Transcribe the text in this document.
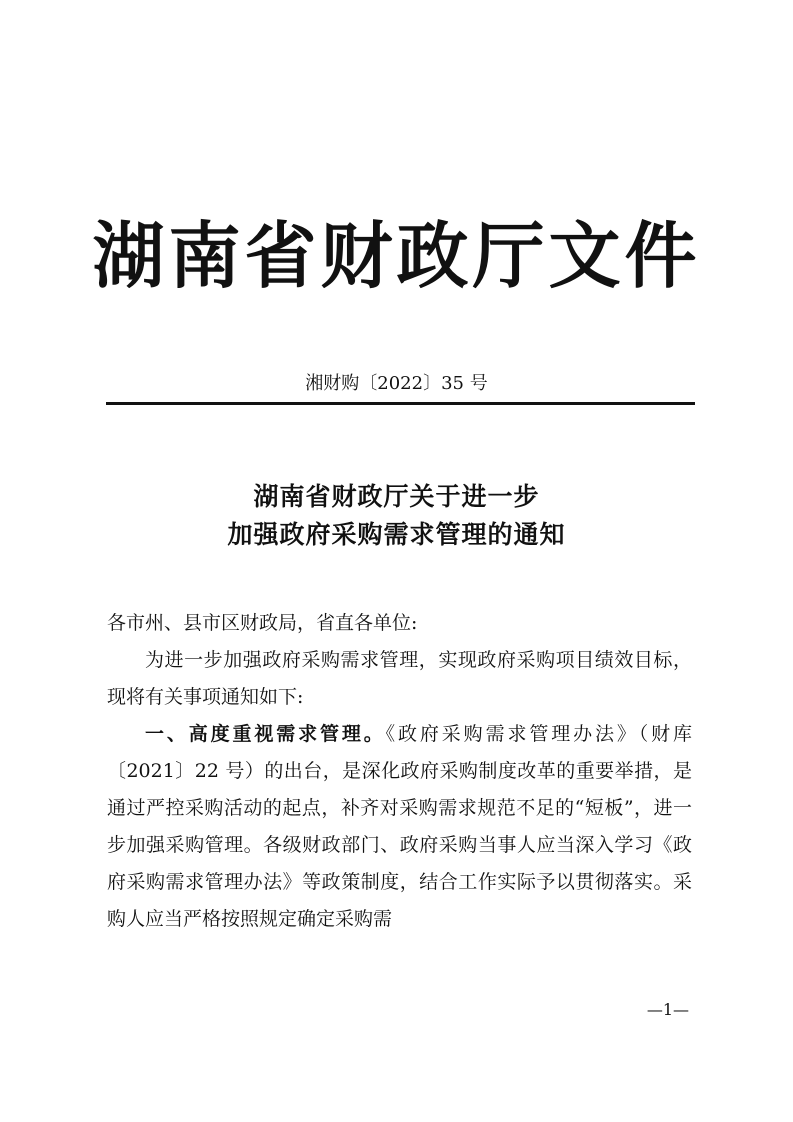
湖南省财政厅文件
湘财购〔2022〕35 号
湖南省财政厅关于进一步
加强政府采购需求管理的通知

各市州、县市区财政局，省直各单位:

为进一步加强政府采购需求管理，实现政府采购项目绩效目标，现将有关事项通知如下:

一、高度重视需求管理。《政府采购需求管理办法》（财库〔2021〕22 号）的出台，是深化政府采购制度改革的重要举措，是通过严控采购活动的起点，补齐对采购需求规范不足的“短板”，进一步加强采购管理。各级财政部门、政府采购当事人应当深入学习《政府采购需求管理办法》等政策制度，结合工作实际予以贯彻落实。采购人应当严格按照规定确定采购需

—1—
